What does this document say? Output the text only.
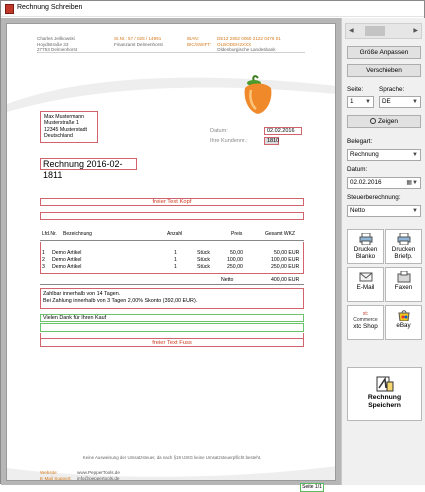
Rechnung Schreiben
Charles Jeilkowski
Hoydtstraße 33
27753 Delmenhorst
St.Nr.: 57 / 026 / 14991
Finanzamt Delmenhorst
IBAN:
BIC/SWIFT:
DE12 2802 0050 2122 0476 01
OLBODEH2XXX
Oldenburgische Landesbank
Max Mustermann
Musterstraße 1
12345 Musterstadt
Deutschland
Datum:	02.02.2016
Ihre Kundennr.:	1810
Rechnung 2016-02-1811
freier Text Kopf
Lfd.Nr. Bezeichnung	Anzahl	Preis	Gesamt WKZ
1 Demo Artikel	1	Stück	50,00	50,00 EUR
2 Demo Artikel	1	Stück	100,00	100,00 EUR
3 Demo Artikel	1	Stück	250,00	250,00 EUR
Netto	400,00 EUR
Zahlbar innerhalb von 14 Tagen.
Bei Zahlung innerhalb von 3 Tagen 2,00% Skonto (392,00 EUR).
Vielen Dank für Ihren Kauf
freier Text Fuss
Keine Ausweisung der Umsatzsteuer, da nach §19 UStG keine Umsatzsteuerpflicht besteht.
Website:	www.PepperTools.de
E-Mail Support: info@peppertools.de
Seite 1/1
◀	▶
Größe Anpassen
Verschieben
Seite:	Sprache:
1 ▼	DE	▼
Zeigen
Belegart:
Rechnung	▼
Datum:
02.02.2016	▦▼
Steuerberechnung:
Netto	▼
Drucken
Blanko
Drucken
Briefp.
E-Mail	Faxen
xt:
Commerce
xtc Shop	eBay
Rechnung
Speichern
